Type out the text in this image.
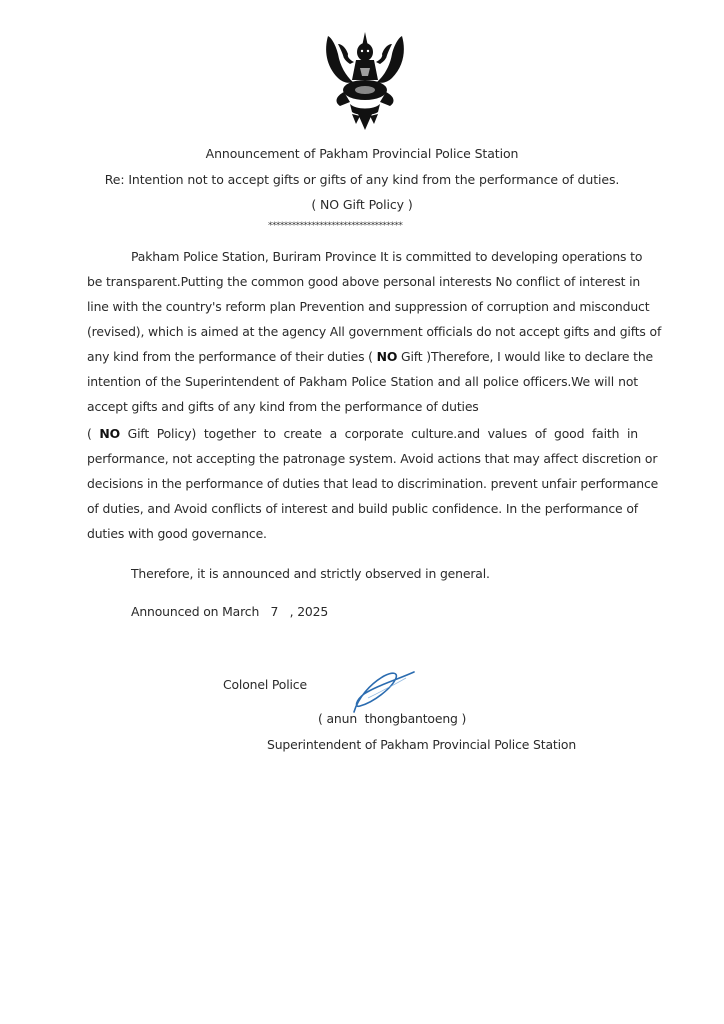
Announcement of Pakham Provincial Police Station
Re: Intention not to accept gifts or gifts of any kind from the performance of duties.
( NO Gift Policy )
**********************************
Pakham Police Station, Buriram Province It is committed to developing operations to
be transparent.Putting the common good above personal interests No conflict of interest in
line with the country's reform plan Prevention and suppression of corruption and misconduct
(revised), which is aimed at the agency All government officials do not accept gifts and gifts of
any kind from the performance of their duties ( NO Gift )Therefore, I would like to declare the
intention of the Superintendent of Pakham Police Station and all police officers.We will not
accept gifts and gifts of any kind from the performance of duties
( NO Gift Policy) together to create a corporate culture.and values of good faith in
performance, not accepting the patronage system. Avoid actions that may affect discretion or
decisions in the performance of duties that lead to discrimination. prevent unfair performance
of duties, and Avoid conflicts of interest and build public confidence. In the performance of
duties with good governance.
Therefore, it is announced and strictly observed in general.
Announced on March   7   , 2025
Colonel Police
( anun  thongbantoeng )
Superintendent of Pakham Provincial Police Station
